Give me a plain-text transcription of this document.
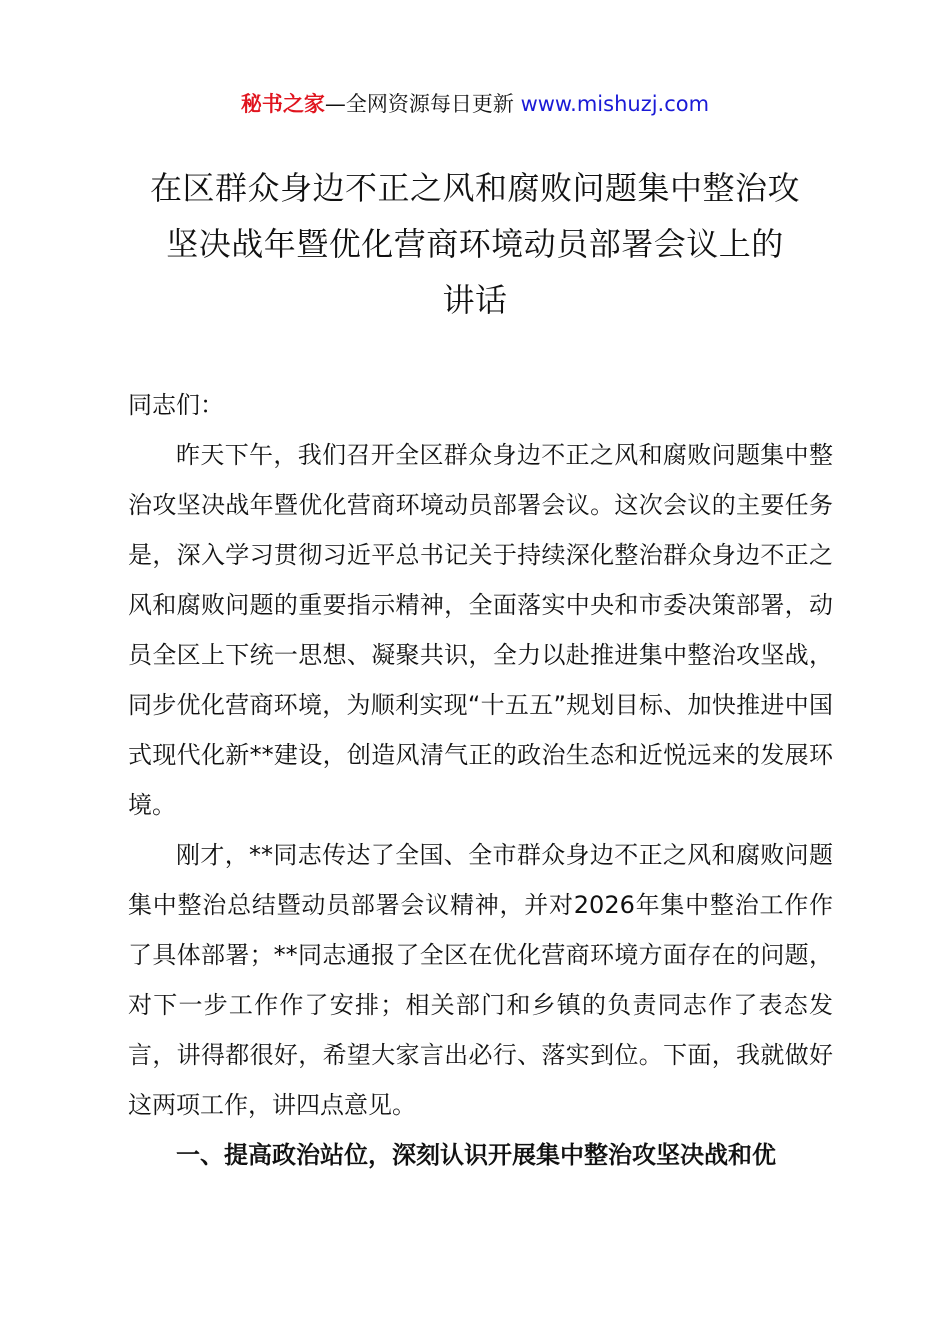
秘书之家—全网资源每日更新 www.mishuzj.com
在区群众身边不正之风和腐败问题集中整治攻
坚决战年暨优化营商环境动员部署会议上的
讲话

同志们：

昨天下午，我们召开全区群众身边不正之风和腐败问题集中整治攻坚决战年暨优化营商环境动员部署会议。这次会议的主要任务是，深入学习贯彻习近平总书记关于持续深化整治群众身边不正之风和腐败问题的重要指示精神，全面落实中央和市委决策部署，动员全区上下统一思想、凝聚共识，全力以赴推进集中整治攻坚战，同步优化营商环境，为顺利实现“十五五”规划目标、加快推进中国式现代化新**建设，创造风清气正的政治生态和近悦远来的发展环境。

刚才，**同志传达了全国、全市群众身边不正之风和腐败问题集中整治总结暨动员部署会议精神，并对2026年集中整治工作作了具体部署；**同志通报了全区在优化营商环境方面存在的问题，对下一步工作作了安排；相关部门和乡镇的负责同志作了表态发言，讲得都很好，希望大家言出必行、落实到位。下面，我就做好这两项工作，讲四点意见。

一、提高政治站位，深刻认识开展集中整治攻坚决战和优
